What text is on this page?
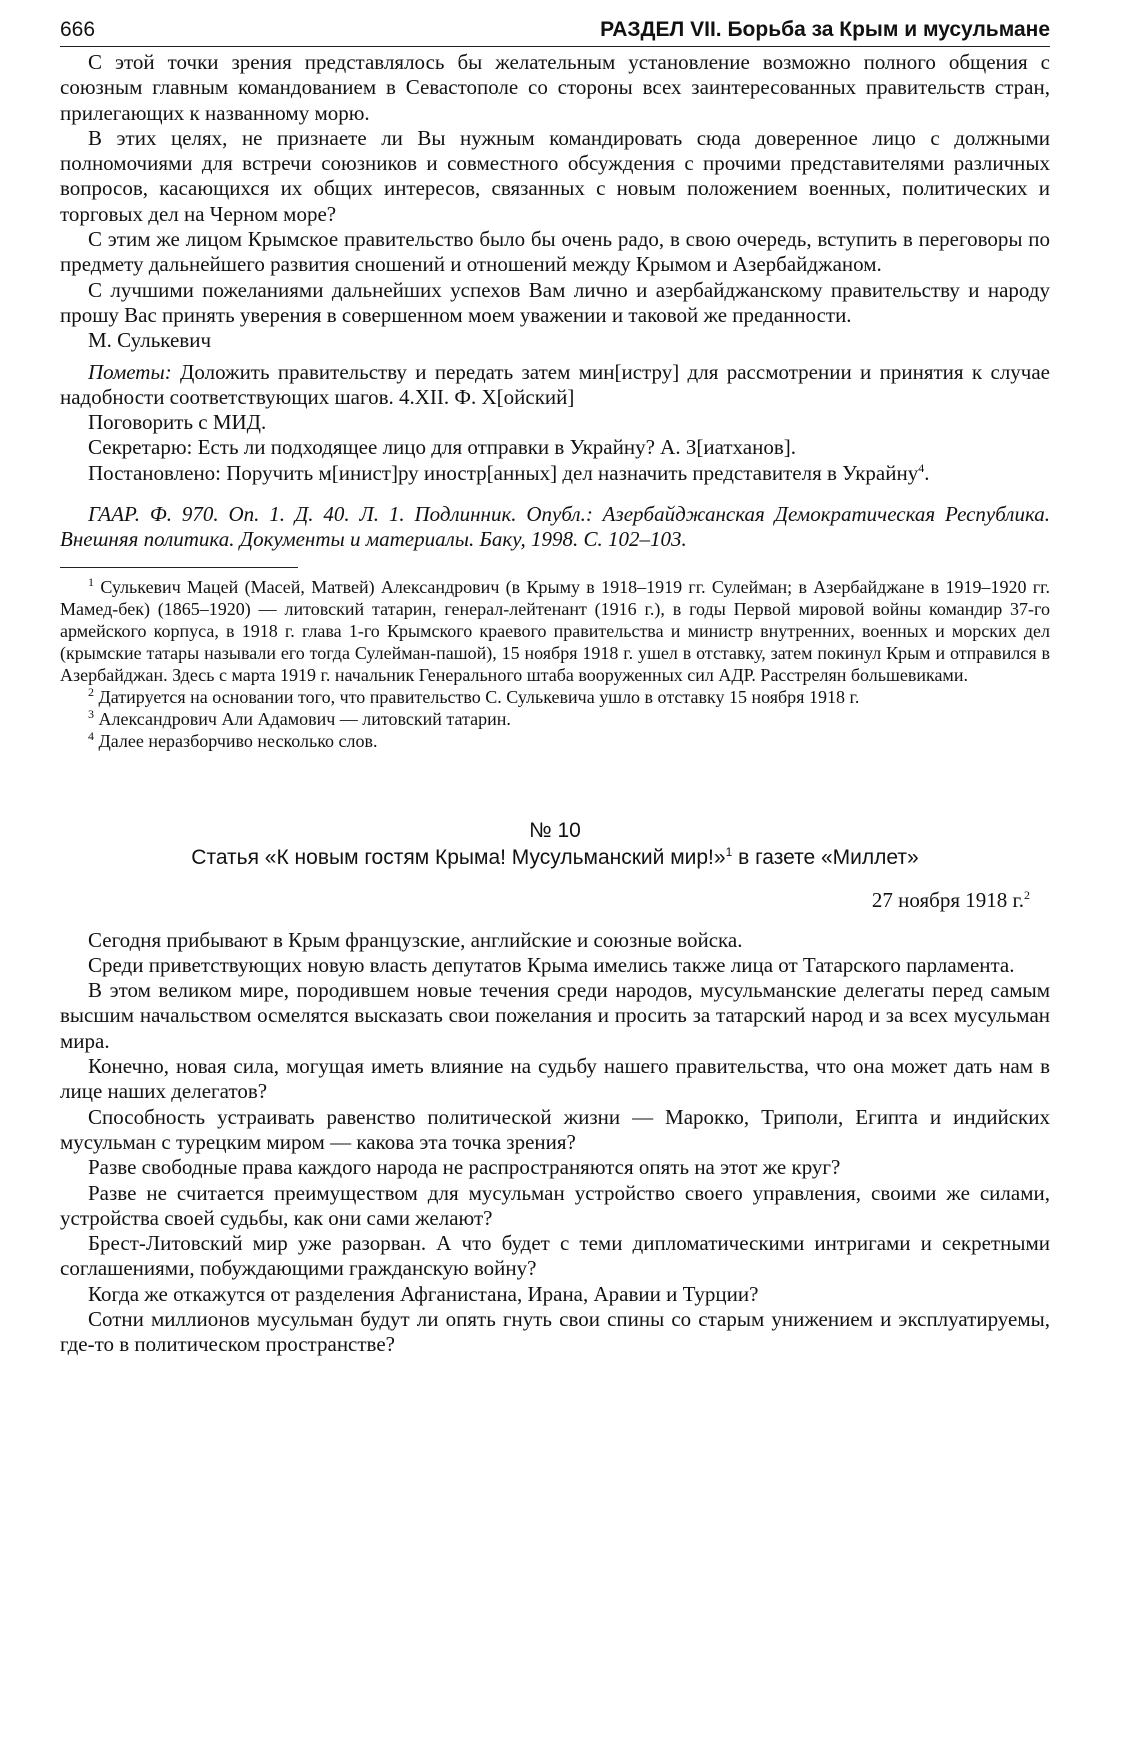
666	РАЗДЕЛ VII. Борьба за Крым и мусульмане

С этой точки зрения представлялось бы желательным установление возможно полного общения с союзным главным командованием в Севастополе со стороны всех заинтересованных правительств стран, прилегающих к названному морю.

В этих целях, не признаете ли Вы нужным командировать сюда доверенное лицо с должными полномочиями для встречи союзников и совместного обсуждения с прочими представителями различных вопросов, касающихся их общих интересов, связанных с новым положением военных, политических и торговых дел на Черном море?

С этим же лицом Крымское правительство было бы очень радо, в свою очередь, вступить в переговоры по предмету дальнейшего развития сношений и отношений между Крымом и Азербайджаном.

С лучшими пожеланиями дальнейших успехов Вам лично и азербайджанскому правительству и народу прошу Вас принять уверения в совершенном моем уважении и таковой же преданности.

М. Сулькевич

Пометы: Доложить правительству и передать затем мин[истру] для рассмотрении и принятия к случае надобности соответствующих шагов. 4.XII. Ф. Х[ойский]

Поговорить с МИД.

Секретарю: Есть ли подходящее лицо для отправки в Украйну? А. З[иатханов].

Постановлено: Поручить м[инист]ру иностр[анных] дел назначить представителя в Украйну$^4$.

ГААР. Ф. 970. Оп. 1. Д. 40. Л. 1. Подлинник. Опубл.: Азербайджанская Демократическая Республика. Внешняя политика. Документы и материалы. Баку, 1998. С. 102–103.

$^1$ Сулькевич Мацей (Масей, Матвей) Александрович (в Крыму в 1918–1919 гг. Сулейман; в Азербайджане в 1919–1920 гг. Мамед-бек) (1865–1920) — литовский татарин, генерал-лейтенант (1916 г.), в годы Первой мировой войны командир 37-го армейского корпуса, в 1918 г. глава 1-го Крымского краевого правительства и министр внутренних, военных и морских дел (крымские татары называли его тогда Сулейман-пашой), 15 ноября 1918 г. ушел в отставку, затем покинул Крым и отправился в Азербайджан. Здесь с марта 1919 г. начальник Генерального штаба вооруженных сил АДР. Расстрелян большевиками.

$^2$ Датируется на основании того, что правительство С. Сулькевича ушло в отставку 15 ноября 1918 г.

$^3$ Александрович Али Адамович — литовский татарин.

$^4$ Далее неразборчиво несколько слов.

№ 10
Статья «К новым гостям Крыма! Мусульманский мир!»$^1$ в газете «Миллет»
27 ноября 1918 г.$^2$

Сегодня прибывают в Крым французские, английские и союзные войска.

Среди приветствующих новую власть депутатов Крыма имелись также лица от Татарского парламента.

В этом великом мире, породившем новые течения среди народов, мусульманские делегаты перед самым высшим начальством осмелятся высказать свои пожелания и просить за татарский народ и за всех мусульман мира.

Конечно, новая сила, могущая иметь влияние на судьбу нашего правительства, что она может дать нам в лице наших делегатов?

Способность устраивать равенство политической жизни — Марокко, Триполи, Египта и индийских мусульман с турецким миром — какова эта точка зрения?

Разве свободные права каждого народа не распространяются опять на этот же круг?

Разве не считается преимуществом для мусульман устройство своего управления, своими же силами, устройства своей судьбы, как они сами желают?

Брест-Литовский мир уже разорван. А что будет с теми дипломатическими интригами и секретными соглашениями, побуждающими гражданскую войну?

Когда же откажутся от разделения Афганистана, Ирана, Аравии и Турции?

Сотни миллионов мусульман будут ли опять гнуть свои спины со старым унижением и эксплуатируемы, где-то в политическом пространстве?
